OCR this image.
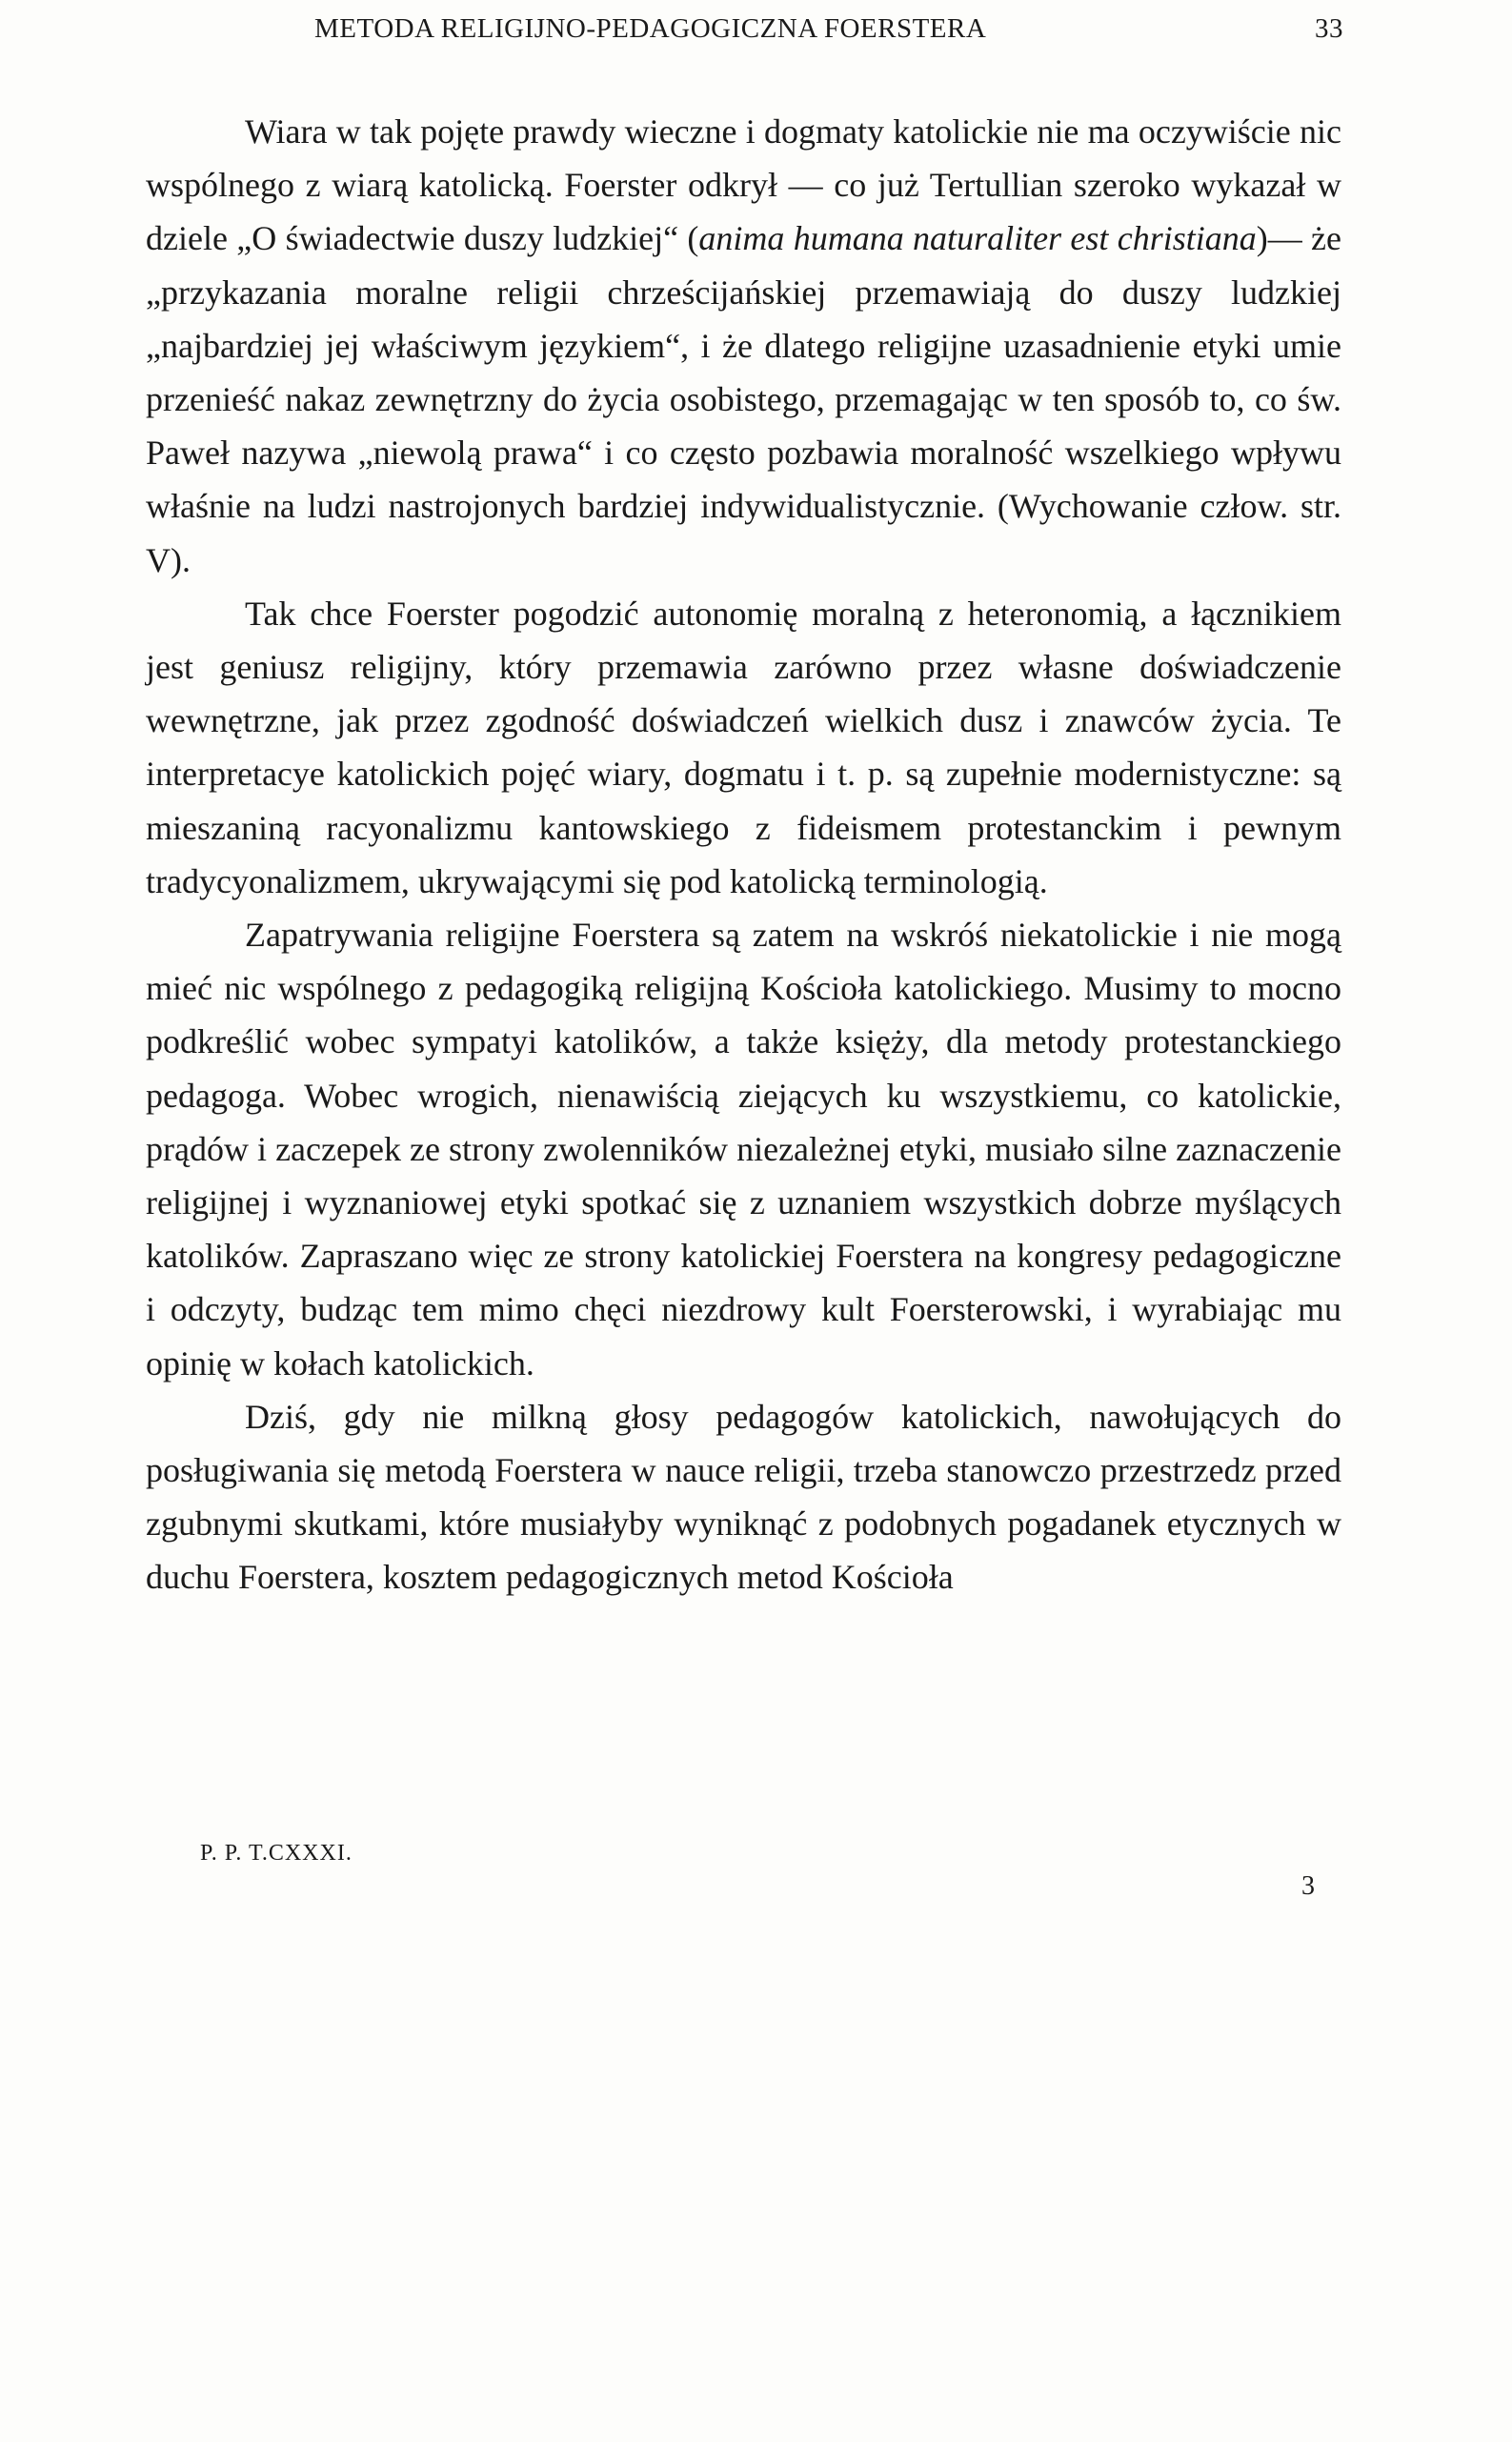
METODA RELIGIJNO-PEDAGOGICZNA FOERSTERA	33

Wiara w tak pojęte prawdy wieczne i dogmaty katolickie nie ma oczywiście nic wspólnego z wiarą katolicką. Foerster odkrył — co już Tertullian szeroko wykazał w dziele „O świadectwie duszy ludzkiej“ (anima humana naturaliter est christiana)— że „przykazania moralne religii chrześcijańskiej przemawiają do duszy ludzkiej „najbardziej jej właściwym językiem“, i że dlatego religijne uzasadnienie etyki umie przenieść nakaz zewnętrzny do życia osobistego, przemagając w ten sposób to, co św. Paweł nazywa „niewolą prawa“ i co często pozbawia moralność wszelkiego wpływu właśnie na ludzi nastrojonych bardziej indywidualistycznie. (Wychowanie człow. str. V).

Tak chce Foerster pogodzić autonomię moralną z heteronomią, a łącznikiem jest geniusz religijny, który przemawia zarówno przez własne doświadczenie wewnętrzne, jak przez zgodność doświadczeń wielkich dusz i znawców życia. Te interpretacye katolickich pojęć wiary, dogmatu i t. p. są zupełnie modernistyczne: są mieszaniną racyonalizmu kantowskiego z fideismem protestanckim i pewnym tradycyonalizmem, ukrywającymi się pod katolicką terminologią.

Zapatrywania religijne Foerstera są zatem na wskróś niekatolickie i nie mogą mieć nic wspólnego z pedagogiką religijną Kościoła katolickiego. Musimy to mocno podkreślić wobec sympatyi katolików, a także księży, dla metody protestanckiego pedagoga. Wobec wrogich, nienawiścią ziejących ku wszystkiemu, co katolickie, prądów i zaczepek ze strony zwolenników niezależnej etyki, musiało silne zaznaczenie religijnej i wyznaniowej etyki spotkać się z uznaniem wszystkich dobrze myślących katolików. Zapraszano więc ze strony katolickiej Foerstera na kongresy pedagogiczne i odczyty, budząc tem mimo chęci niezdrowy kult Foersterowski, i wyrabiając mu opinię w kołach katolickich.

Dziś, gdy nie milkną głosy pedagogów katolickich, nawołujących do posługiwania się metodą Foerstera w nauce religii, trzeba stanowczo przestrzedz przed zgubnymi skutkami, które musiałyby wyniknąć z podobnych pogadanek etycznych w duchu Foerstera, kosztem pedagogicznych metod Kościoła

P. P. T.CXXXI.
3
